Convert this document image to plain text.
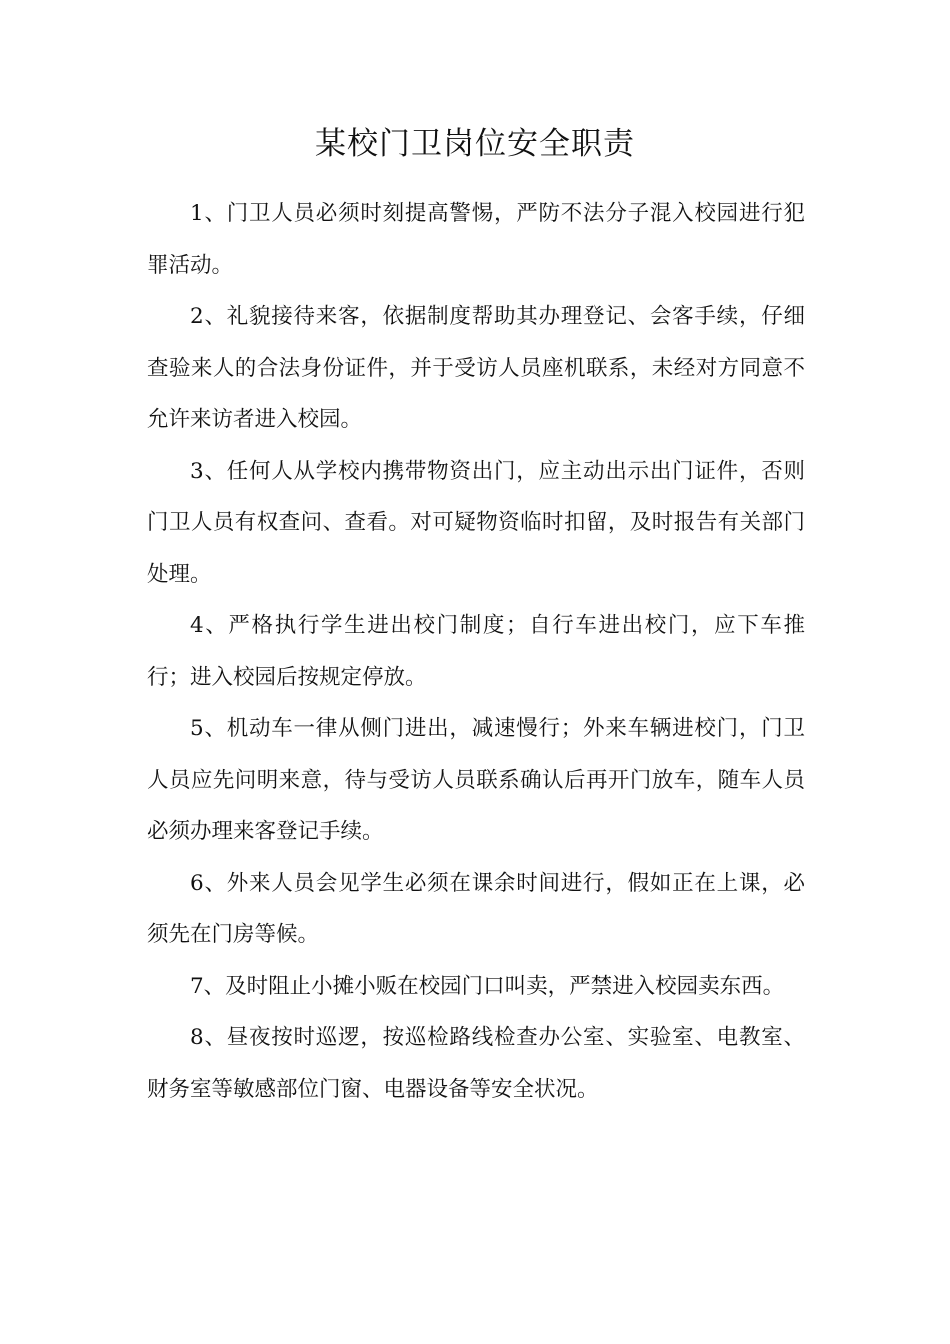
某校门卫岗位安全职责

1、门卫人员必须时刻提高警惕，严防不法分子混入校园进行犯罪活动。

2、礼貌接待来客，依据制度帮助其办理登记、会客手续，仔细查验来人的合法身份证件，并于受访人员座机联系，未经对方同意不允许来访者进入校园。

3、任何人从学校内携带物资出门，应主动出示出门证件，否则门卫人员有权查问、查看。对可疑物资临时扣留，及时报告有关部门处理。

4、严格执行学生进出校门制度；自行车进出校门，应下车推行；进入校园后按规定停放。

5、机动车一律从侧门进出，减速慢行；外来车辆进校门，门卫人员应先问明来意，待与受访人员联系确认后再开门放车，随车人员必须办理来客登记手续。

6、外来人员会见学生必须在课余时间进行，假如正在上课，必须先在门房等候。

7、及时阻止小摊小贩在校园门口叫卖，严禁进入校园卖东西。

8、昼夜按时巡逻，按巡检路线检查办公室、实验室、电教室、财务室等敏感部位门窗、电器设备等安全状况。
